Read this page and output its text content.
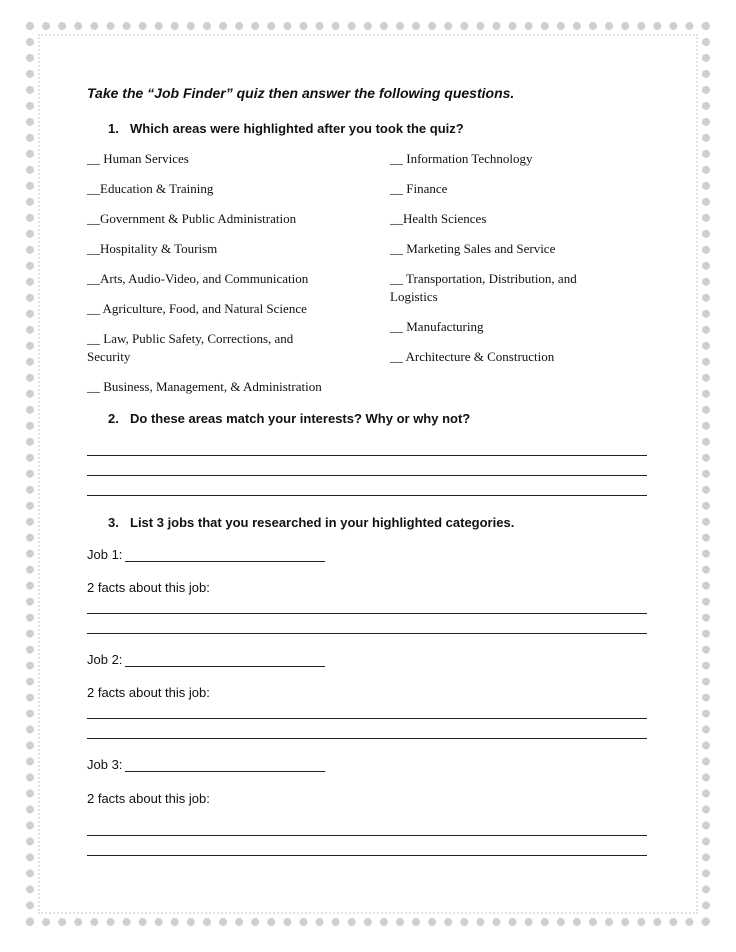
Take the “Job Finder” quiz then answer the following questions.
1. Which areas were highlighted after you took the quiz?
__ Human Services
__Education & Training
__Government & Public Administration
__Hospitality & Tourism
__Arts, Audio-Video, and Communication
__ Agriculture, Food, and Natural Science
__ Law, Public Safety, Corrections, and
Security
__ Business, Management, & Administration
__ Information Technology
__ Finance
__Health Sciences
__ Marketing Sales and Service
__ Transportation, Distribution, and
Logistics
__ Manufacturing
__ Architecture & Construction
2. Do these areas match your interests? Why or why not?
3. List 3 jobs that you researched in your highlighted categories.
Job 1:
2 facts about this job:
Job 2:
2 facts about this job:
Job 3:
2 facts about this job:
